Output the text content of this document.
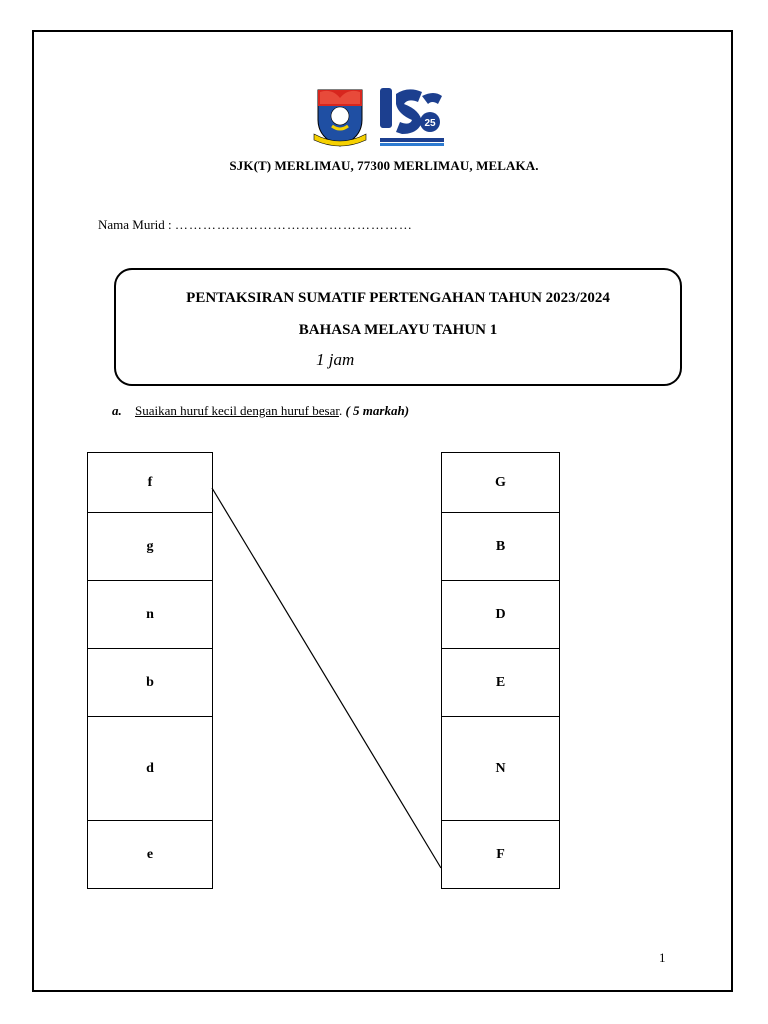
25
SJK(T) MERLIMAU, 77300 MERLIMAU, MELAKA.
Nama Murid : ……………………………………………
PENTAKSIRAN SUMATIF PERTENGAHAN TAHUN 2023/2024
BAHASA MELAYU TAHUN 1
1 jam
a. Suaikan huruf kecil dengan huruf besar. ( 5 markah)
f
g
n
b
d
e
G
B
D
E
N
F
1
